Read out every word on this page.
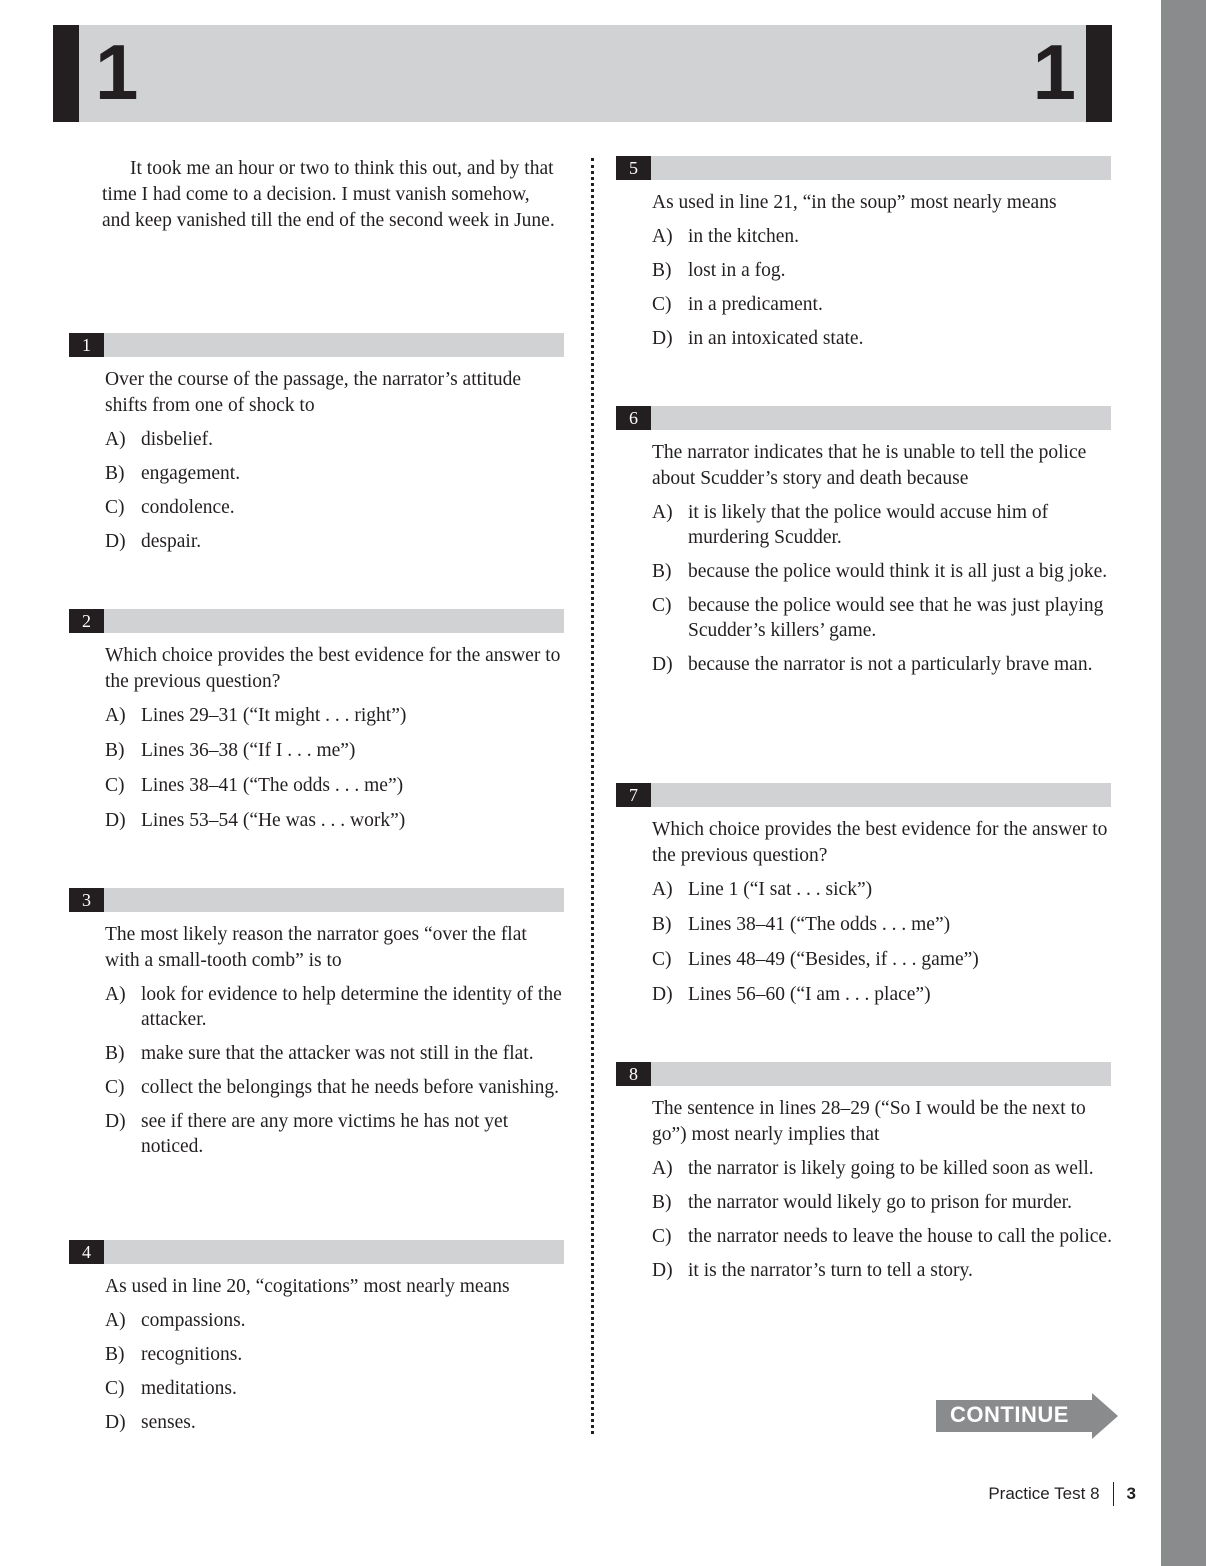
1	1

It took me an hour or two to think this out, and by that time I had come to a decision. I must vanish somehow, and keep vanished till the end of the second week in June.

1
Over the course of the passage, the narrator’s attitude shifts from one of shock to
A) disbelief.
B) engagement.
C) condolence.
D) despair.
2
Which choice provides the best evidence for the answer to the previous question?
A) Lines 29–31 (“It might . . . right”)
B) Lines 36–38 (“If I . . . me”)
C) Lines 38–41 (“The odds . . . me”)
D) Lines 53–54 (“He was . . . work”)
3
The most likely reason the narrator goes “over the flat with a small-tooth comb” is to
A) look for evidence to help determine the identity of the attacker.
B) make sure that the attacker was not still in the flat.
C) collect the belongings that he needs before vanishing.
D) see if there are any more victims he has not yet noticed.
4
As used in line 20, “cogitations” most nearly means
A) compassions.
B) recognitions.
C) meditations.
D) senses.
5
As used in line 21, “in the soup” most nearly means
A) in the kitchen.
B) lost in a fog.
C) in a predicament.
D) in an intoxicated state.
6
The narrator indicates that he is unable to tell the police about Scudder’s story and death because
A) it is likely that the police would accuse him of murdering Scudder.
B) because the police would think it is all just a big joke.
C) because the police would see that he was just playing Scudder’s killers’ game.
D) because the narrator is not a particularly brave man.
7
Which choice provides the best evidence for the answer to the previous question?
A) Line 1 (“I sat . . . sick”)
B) Lines 38–41 (“The odds . . . me”)
C) Lines 48–49 (“Besides, if . . . game”)
D) Lines 56–60 (“I am . . . place”)
8
The sentence in lines 28–29 (“So I would be the next to go”) most nearly implies that
A) the narrator is likely going to be killed soon as well.
B) the narrator would likely go to prison for murder.
C) the narrator needs to leave the house to call the police.
D) it is the narrator’s turn to tell a story.
CONTINUE
Practice Test 8 3
